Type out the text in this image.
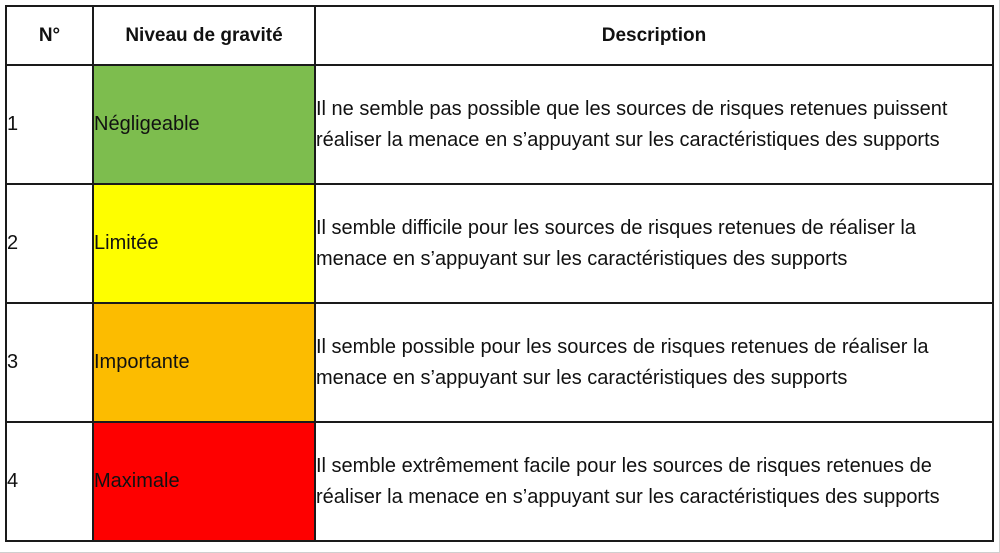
N°	Niveau de gravité	Description
1	Négligeable	Il ne semble pas possible que les sources de risques retenues puissent réaliser la menace en s’appuyant sur les caractéristiques des supports
2	Limitée	Il semble difficile pour les sources de risques retenues de réaliser la menace en s’appuyant sur les caractéristiques des supports
3	Importante	Il semble possible pour les sources de risques retenues de réaliser la menace en s’appuyant sur les caractéristiques des supports
4	Maximale	Il semble extrêmement facile pour les sources de risques retenues de réaliser la menace en s’appuyant sur les caractéristiques des supports
